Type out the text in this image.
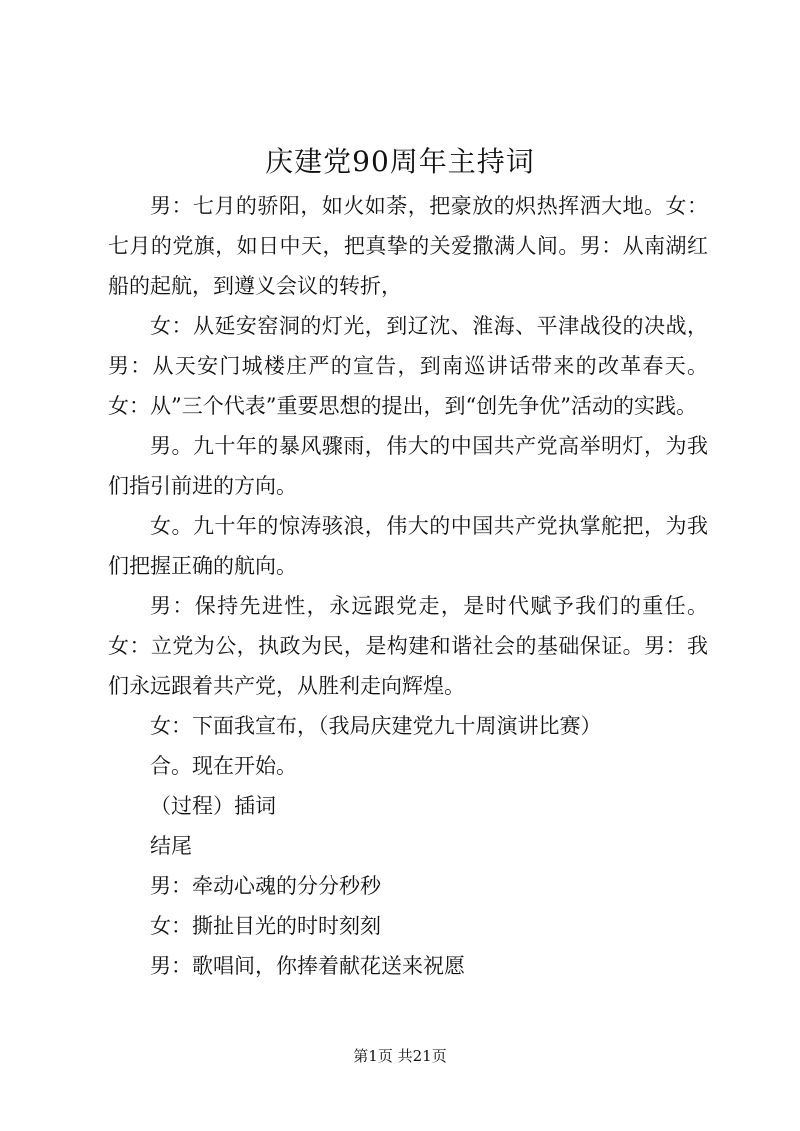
庆建党90周年主持词

男：七月的骄阳，如火如荼，把豪放的炽热挥洒大地。女：七月的党旗，如日中天，把真挚的关爱撒满人间。男：从南湖红船的起航，到遵义会议的转折，

女：从延安窑洞的灯光，到辽沈、淮海、平津战役的决战，男：从天安门城楼庄严的宣告，到南巡讲话带来的改革春天。女：从”三个代表”重要思想的提出，到“创先争优”活动的实践。

男。九十年的暴风骤雨，伟大的中国共产党高举明灯，为我们指引前进的方向。

女。九十年的惊涛骇浪，伟大的中国共产党执掌舵把，为我们把握正确的航向。

男：保持先进性，永远跟党走，是时代赋予我们的重任。女：立党为公，执政为民，是构建和谐社会的基础保证。男：我们永远跟着共产党，从胜利走向辉煌。

女：下面我宣布，（我局庆建党九十周演讲比赛）

合。现在开始。

（过程）插词

结尾

男：牵动心魂的分分秒秒

女：撕扯目光的时时刻刻

男：歌唱间，你捧着献花送来祝愿

第1页 共21页
